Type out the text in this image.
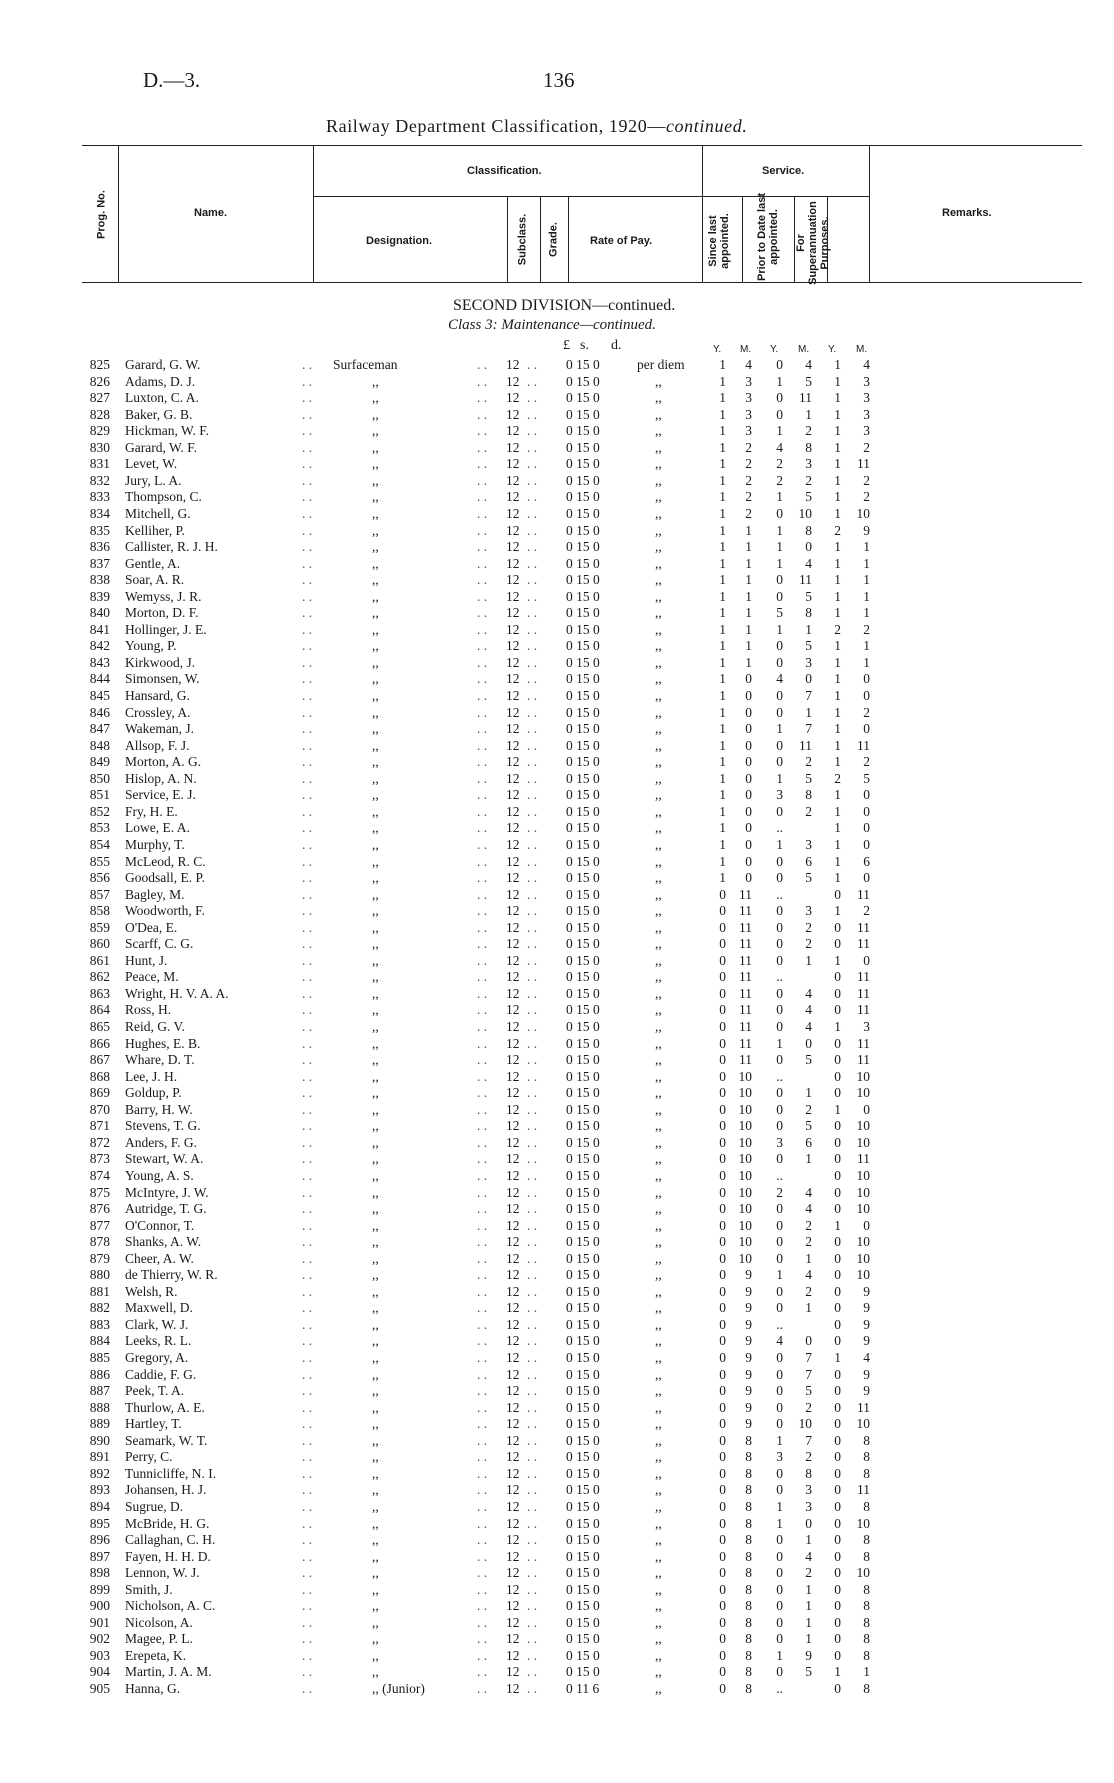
D.—3.	136
Railway Department Classification, 1920—continued.
Prog. No.	Name.
Classification.
Designation.	Subclass. Grade.	Rate of Pay.
Service.
Since last appointed. Prior to Date last appointed. For Superannuation Purposes.
Remarks.
SECOND DIVISION—continued.
Class 3: Maintenance—continued.
£ s. d.	Y. M. Y. M. Y. M.
825 Garard, G. W.	. . Surfaceman	. . 12 . . 0 15 0	per diem	1	4	0	4	1	4
826 Adams, D. J.	. .	,,	. . 12 . . 0 15 0	,,	1	3	1	5	1	3
827 Luxton, C. A.	. .	,,	. . 12 . . 0 15 0	,,	1	3	0 11	1	3
828 Baker, G. B.	. .	,,	. . 12 . . 0 15 0	,,	1	3	0	1	1	3
829 Hickman, W. F.	. .	,,	. . 12 . . 0 15 0	,,	1	3	1	2	1	3
830 Garard, W. F.	. .	,,	. . 12 . . 0 15 0	,,	1	2	4	8	1	2
831 Levet, W.	. .	,,	. . 12 . . 0 15 0	,,	1	2	2	3	1 11
832 Jury, L. A.	. .	,,	. . 12 . . 0 15 0	,,	1	2	2	2	1	2
833 Thompson, C.	. .	,,	. . 12 . . 0 15 0	,,	1	2	1	5	1	2
834 Mitchell, G.	. .	,,	. . 12 . . 0 15 0	,,	1	2	0 10	1 10
835 Kelliher, P.	. .	,,	. . 12 . . 0 15 0	,,	1	1	1	8	2	9
836 Callister, R. J. H.	. .	,,	. . 12 . . 0 15 0	,,	1	1	1	0	1	1
837 Gentle, A.	. .	,,	. . 12 . . 0 15 0	,,	1	1	1	4	1	1
838 Soar, A. R.	. .	,,	. . 12 . . 0 15 0	,,	1	1	0 11	1	1
839 Wemyss, J. R.	. .	,,	. . 12 . . 0 15 0	,,	1	1	0	5	1	1
840 Morton, D. F.	. .	,,	. . 12 . . 0 15 0	,,	1	1	5	8	1	1
841 Hollinger, J. E.	. .	,,	. . 12 . . 0 15 0	,,	1	1	1	1	2	2
842 Young, P.	. .	,,	. . 12 . . 0 15 0	,,	1	1	0	5	1	1
843 Kirkwood, J.	. .	,,	. . 12 . . 0 15 0	,,	1	1	0	3	1	1
844 Simonsen, W.	. .	,,	. . 12 . . 0 15 0	,,	1	0	4	0	1	0
845 Hansard, G.	. .	,,	. . 12 . . 0 15 0	,,	1	0	0	7	1	0
846 Crossley, A.	. .	,,	. . 12 . . 0 15 0	,,	1	0	0	1	1	2
847 Wakeman, J.	. .	,,	. . 12 . . 0 15 0	,,	1	0	1	7	1	0
848 Allsop, F. J.	. .	,,	. . 12 . . 0 15 0	,,	1	0	0 11	1 11
849 Morton, A. G.	. .	,,	. . 12 . . 0 15 0	,,	1	0	0	2	1	2
850 Hislop, A. N.	. .	,,	. . 12 . . 0 15 0	,,	1	0	1	5	2	5
851 Service, E. J.	. .	,,	. . 12 . . 0 15 0	,,	1	0	3	8	1	0
852 Fry, H. E.	. .	,,	. . 12 . . 0 15 0	,,	1	0	0	2	1	0
853 Lowe, E. A.	. .	,,	. . 12 . . 0 15 0	,,	1	0	..	1	0
854 Murphy, T.	. .	,,	. . 12 . . 0 15 0	,,	1	0	1	3	1	0
855 McLeod, R. C.	. .	,,	. . 12 . . 0 15 0	,,	1	0	0	6	1	6
856 Goodsall, E. P.	. .	,,	. . 12 . . 0 15 0	,,	1	0	0	5	1	0
857 Bagley, M.	. .	,,	. . 12 . . 0 15 0	,,	0 11	..	0 11
858 Woodworth, F.	. .	,,	. . 12 . . 0 15 0	,,	0 11	0	3	1	2
859 O'Dea, E.	. .	,,	. . 12 . . 0 15 0	,,	0 11	0	2	0 11
860 Scarff, C. G.	. .	,,	. . 12 . . 0 15 0	,,	0 11	0	2	0 11
861 Hunt, J.	. .	,,	. . 12 . . 0 15 0	,,	0 11	0	1	1	0
862 Peace, M.	. .	,,	. . 12 . . 0 15 0	,,	0 11	..	0 11
863 Wright, H. V. A. A.	. .	,,	. . 12 . . 0 15 0	,,	0 11	0	4	0 11
864 Ross, H.	. .	,,	. . 12 . . 0 15 0	,,	0 11	0	4	0 11
865 Reid, G. V.	. .	,,	. . 12 . . 0 15 0	,,	0 11	0	4	1	3
866 Hughes, E. B.	. .	,,	. . 12 . . 0 15 0	,,	0 11	1	0	0 11
867 Whare, D. T.	. .	,,	. . 12 . . 0 15 0	,,	0 11	0	5	0 11
868 Lee, J. H.	. .	,,	. . 12 . . 0 15 0	,,	0 10	..	0 10
869 Goldup, P.	. .	,,	. . 12 . . 0 15 0	,,	0 10	0	1	0 10
870 Barry, H. W.	. .	,,	. . 12 . . 0 15 0	,,	0 10	0	2	1	0
871 Stevens, T. G.	. .	,,	. . 12 . . 0 15 0	,,	0 10	0	5	0 10
872 Anders, F. G.	. .	,,	. . 12 . . 0 15 0	,,	0 10	3	6	0 10
873 Stewart, W. A.	. .	,,	. . 12 . . 0 15 0	,,	0 10	0	1	0 11
874 Young, A. S.	. .	,,	. . 12 . . 0 15 0	,,	0 10	..	0 10
875 McIntyre, J. W.	. .	,,	. . 12 . . 0 15 0	,,	0 10	2	4	0 10
876 Autridge, T. G.	. .	,,	. . 12 . . 0 15 0	,,	0 10	0	4	0 10
877 O'Connor, T.	. .	,,	. . 12 . . 0 15 0	,,	0 10	0	2	1	0
878 Shanks, A. W.	. .	,,	. . 12 . . 0 15 0	,,	0 10	0	2	0 10
879 Cheer, A. W.	. .	,,	. . 12 . . 0 15 0	,,	0 10	0	1	0 10
880 de Thierry, W. R.	. .	,,	. . 12 . . 0 15 0	,,	0	9	1	4	0 10
881 Welsh, R.	. .	,,	. . 12 . . 0 15 0	,,	0	9	0	2	0	9
882 Maxwell, D.	. .	,,	. . 12 . . 0 15 0	,,	0	9	0	1	0	9
883 Clark, W. J.	. .	,,	. . 12 . . 0 15 0	,,	0	9	..	0	9
884 Leeks, R. L.	. .	,,	. . 12 . . 0 15 0	,,	0	9	4	0	0	9
885 Gregory, A.	. .	,,	. . 12 . . 0 15 0	,,	0	9	0	7	1	4
886 Caddie, F. G.	. .	,,	. . 12 . . 0 15 0	,,	0	9	0	7	0	9
887 Peek, T. A.	. .	,,	. . 12 . . 0 15 0	,,	0	9	0	5	0	9
888 Thurlow, A. E.	. .	,,	. . 12 . . 0 15 0	,,	0	9	0	2	0 11
889 Hartley, T.	. .	,,	. . 12 . . 0 15 0	,,	0	9	0 10	0 10
890 Seamark, W. T.	. .	,,	. . 12 . . 0 15 0	,,	0	8	1	7	0	8
891 Perry, C.	. .	,,	. . 12 . . 0 15 0	,,	0	8	3	2	0	8
892 Tunnicliffe, N. I.	. .	,,	. . 12 . . 0 15 0	,,	0	8	0	8	0	8
893 Johansen, H. J.	. .	,,	. . 12 . . 0 15 0	,,	0	8	0	3	0 11
894 Sugrue, D.	. .	,,	. . 12 . . 0 15 0	,,	0	8	1	3	0	8
895 McBride, H. G.	. .	,,	. . 12 . . 0 15 0	,,	0	8	1	0	0 10
896 Callaghan, C. H.	. .	,,	. . 12 . . 0 15 0	,,	0	8	0	1	0	8
897 Fayen, H. H. D.	. .	,,	. . 12 . . 0 15 0	,,	0	8	0	4	0	8
898 Lennon, W. J.	. .	,,	. . 12 . . 0 15 0	,,	0	8	0	2	0 10
899 Smith, J.	. .	,,	. . 12 . . 0 15 0	,,	0	8	0	1	0	8
900 Nicholson, A. C.	. .	,,	. . 12 . . 0 15 0	,,	0	8	0	1	0	8
901 Nicolson, A.	. .	,,	. . 12 . . 0 15 0	,,	0	8	0	1	0	8
902 Magee, P. L.	. .	,,	. . 12 . . 0 15 0	,,	0	8	0	1	0	8
903 Erepeta, K.	. .	,,	. . 12 . . 0 15 0	,,	0	8	1	9	0	8
904 Martin, J. A. M.	. .	,,	. . 12 . . 0 15 0	,,	0	8	0	5	1	1
905 Hanna, G.	. .	,, (Junior)	. . 12 . . 0 11 6	,,	0	8	..	0	8
